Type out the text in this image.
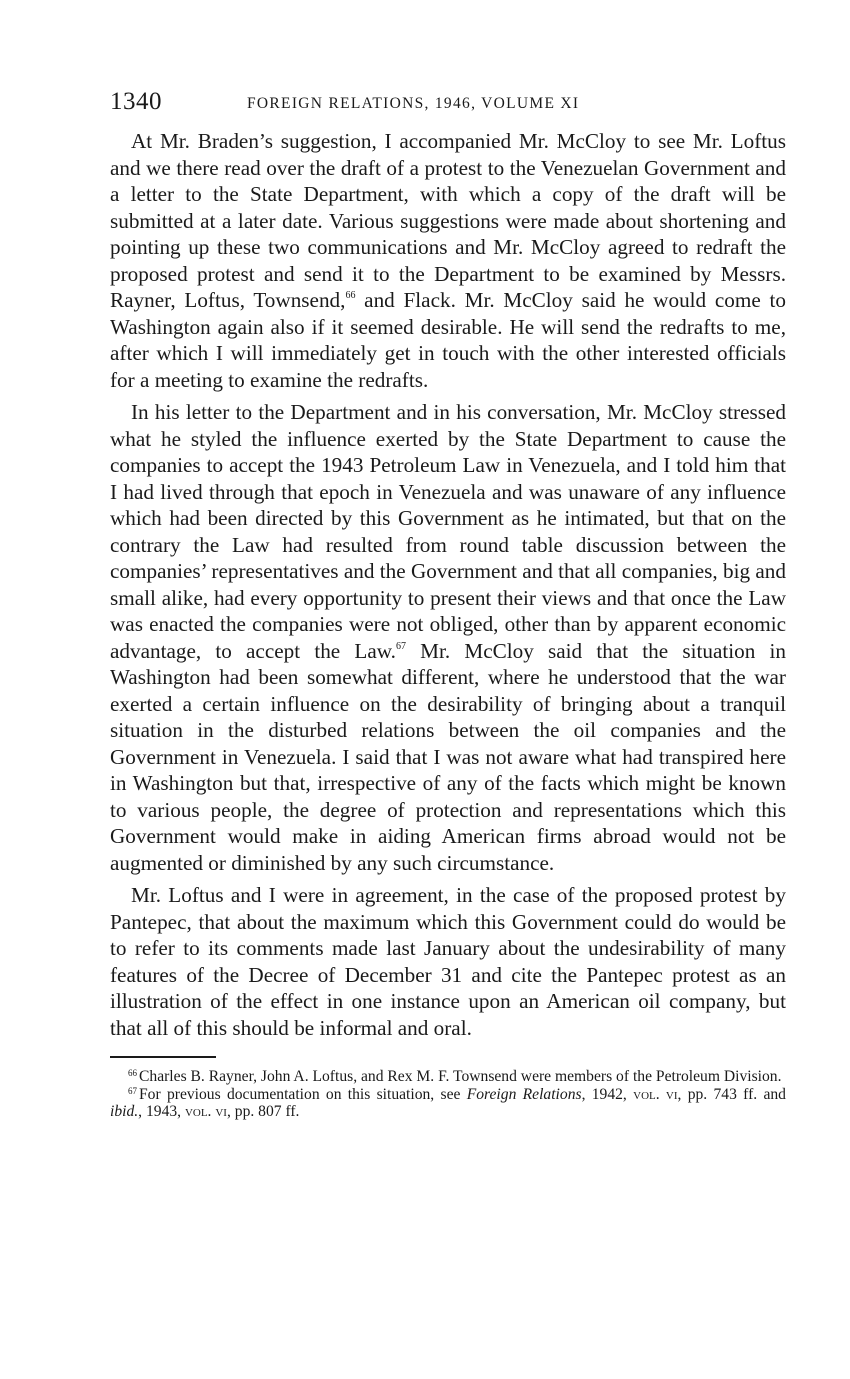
1340	FOREIGN RELATIONS, 1946, VOLUME XI

At Mr. Braden’s suggestion, I accompanied Mr. McCloy to see Mr. Loftus and we there read over the draft of a protest to the Venezuelan Government and a letter to the State Department, with which a copy of the draft will be submitted at a later date. Various suggestions were made about shortening and pointing up these two communications and Mr. McCloy agreed to redraft the proposed protest and send it to the Department to be examined by Messrs. Rayner, Loftus, Townsend,$^{66}$ and Flack. Mr. McCloy said he would come to Washington again also if it seemed desirable. He will send the redrafts to me, after which I will immediately get in touch with the other interested officials for a meeting to examine the redrafts.

In his letter to the Department and in his conversation, Mr. McCloy stressed what he styled the influence exerted by the State Department to cause the companies to accept the 1943 Petroleum Law in Venezuela, and I told him that I had lived through that epoch in Venezuela and was unaware of any influence which had been directed by this Government as he intimated, but that on the contrary the Law had resulted from round table discussion between the companies’ representatives and the Government and that all companies, big and small alike, had every opportunity to present their views and that once the Law was enacted the companies were not obliged, other than by apparent economic advantage, to accept the Law.$^{67}$ Mr. McCloy said that the situation in Washington had been somewhat different, where he understood that the war exerted a certain influence on the desirability of bringing about a tranquil situation in the disturbed relations between the oil companies and the Government in Venezuela. I said that I was not aware what had transpired here in Washington but that, irrespective of any of the facts which might be known to various people, the degree of protection and representations which this Government would make in aiding American firms abroad would not be augmented or diminished by any such circumstance.

Mr. Loftus and I were in agreement, in the case of the proposed protest by Pantepec, that about the maximum which this Government could do would be to refer to its comments made last January about the undesirability of many features of the Decree of December 31 and cite the Pantepec protest as an illustration of the effect in one instance upon an American oil company, but that all of this should be informal and oral.

$^{66}$ Charles B. Rayner, John A. Loftus, and Rex M. F. Townsend were members of the Petroleum Division.

$^{67}$ For previous documentation on this situation, see Foreign Relations, 1942, vol. vi, pp. 743 ff. and ibid., 1943, vol. vi, pp. 807 ff.
